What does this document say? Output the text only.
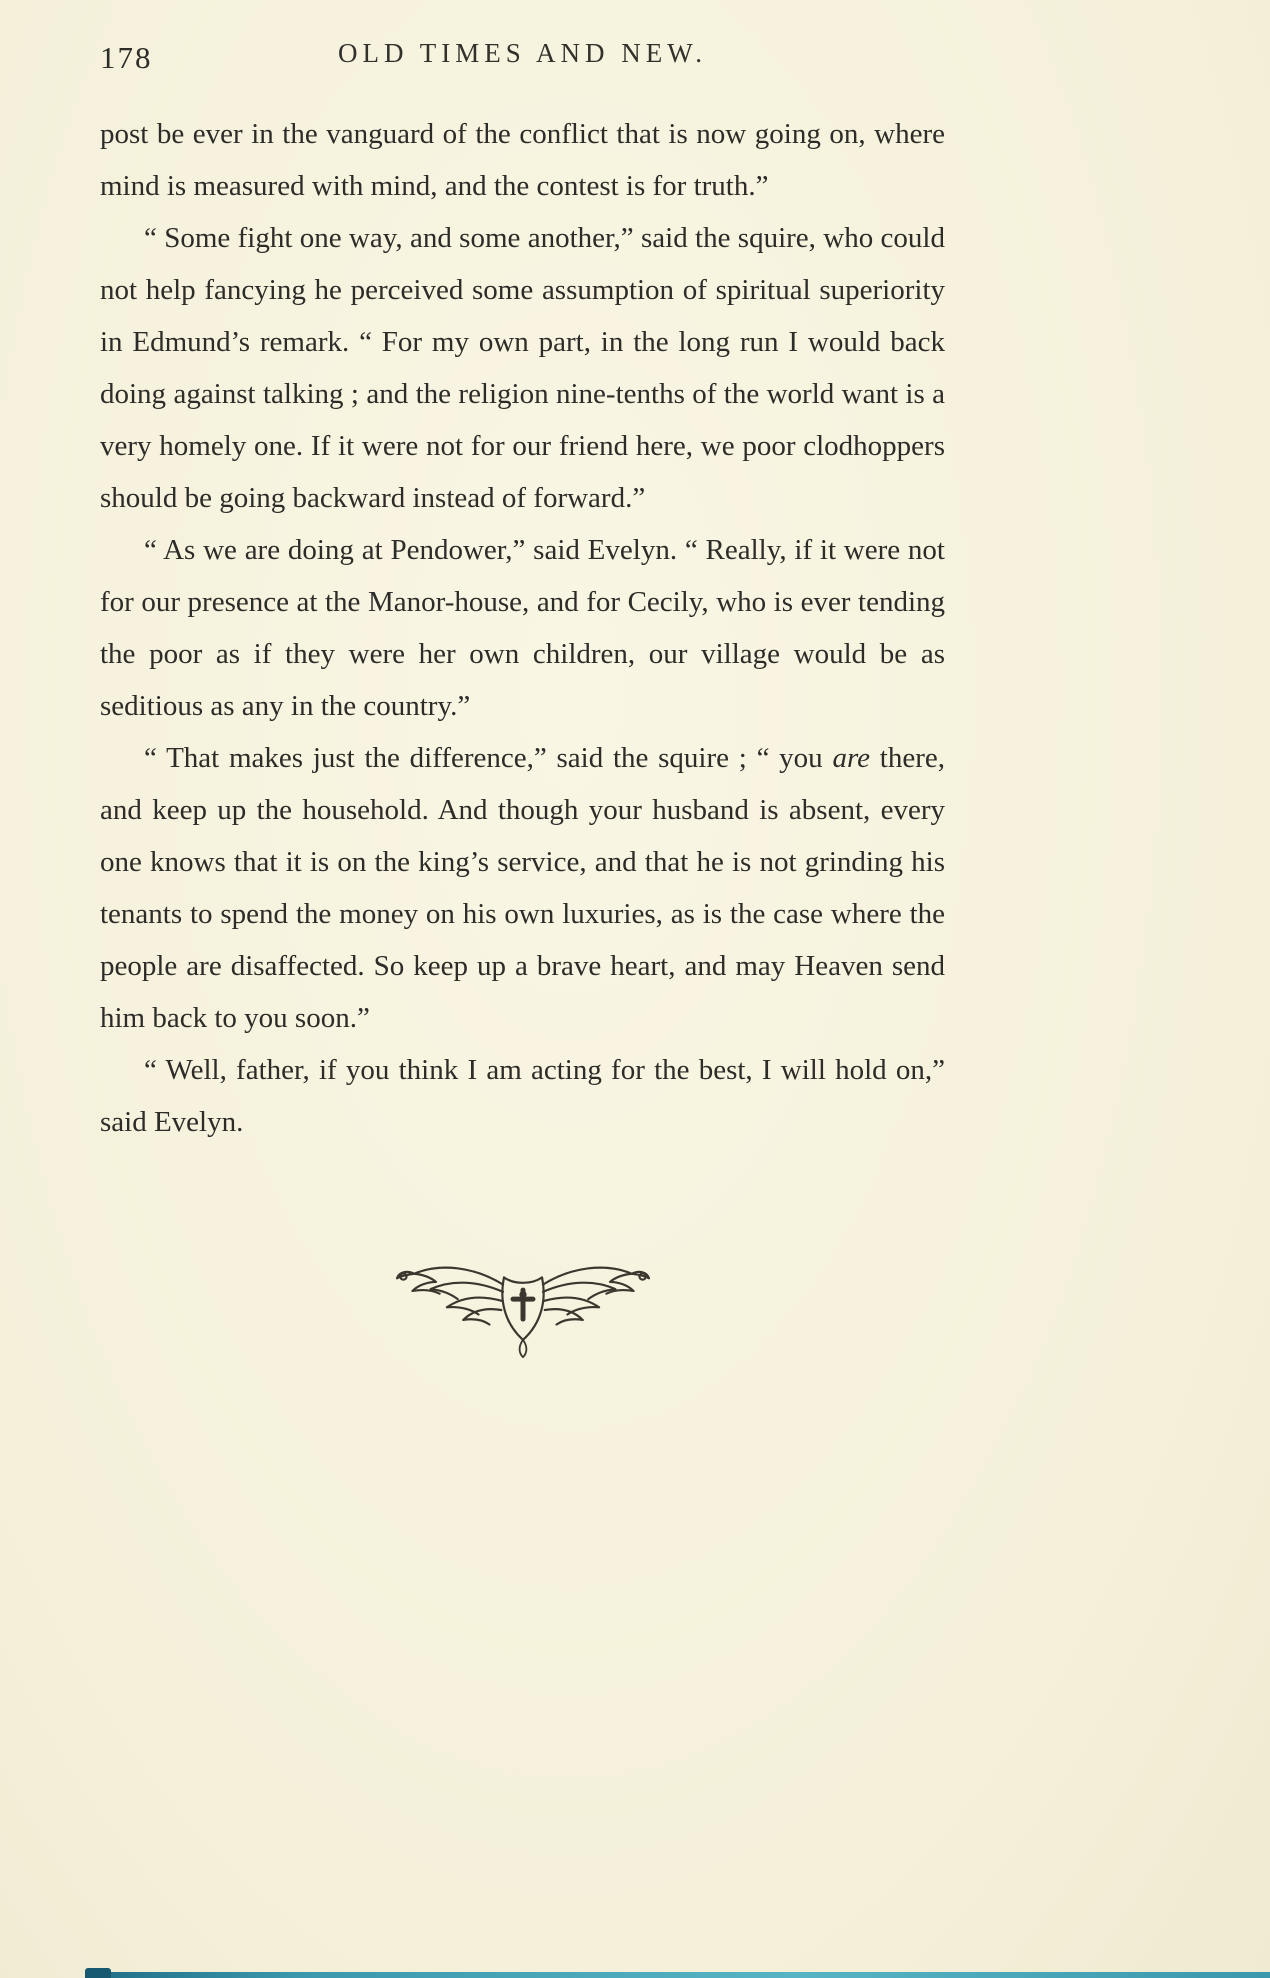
178	OLD TIMES AND NEW.

post be ever in the vanguard of the conflict that is now going on, where mind is measured with mind, and the contest is for truth.”

“ Some fight one way, and some another,” said the squire, who could not help fancying he perceived some assumption of spiritual superiority in Edmund’s remark. “ For my own part, in the long run I would back doing against talking ; and the religion nine-tenths of the world want is a very homely one. If it were not for our friend here, we poor clodhoppers should be going backward instead of forward.”

“ As we are doing at Pendower,” said Evelyn. “ Really, if it were not for our presence at the Manor-house, and for Cecily, who is ever tending the poor as if they were her own children, our village would be as seditious as any in the country.”

“ That makes just the difference,” said the squire ; “ you are there, and keep up the household. And though your husband is absent, every one knows that it is on the king’s service, and that he is not grinding his tenants to spend the money on his own luxuries, as is the case where the people are disaffected. So keep up a brave heart, and may Heaven send him back to you soon.”

“ Well, father, if you think I am acting for the best, I will hold on,” said Evelyn.
